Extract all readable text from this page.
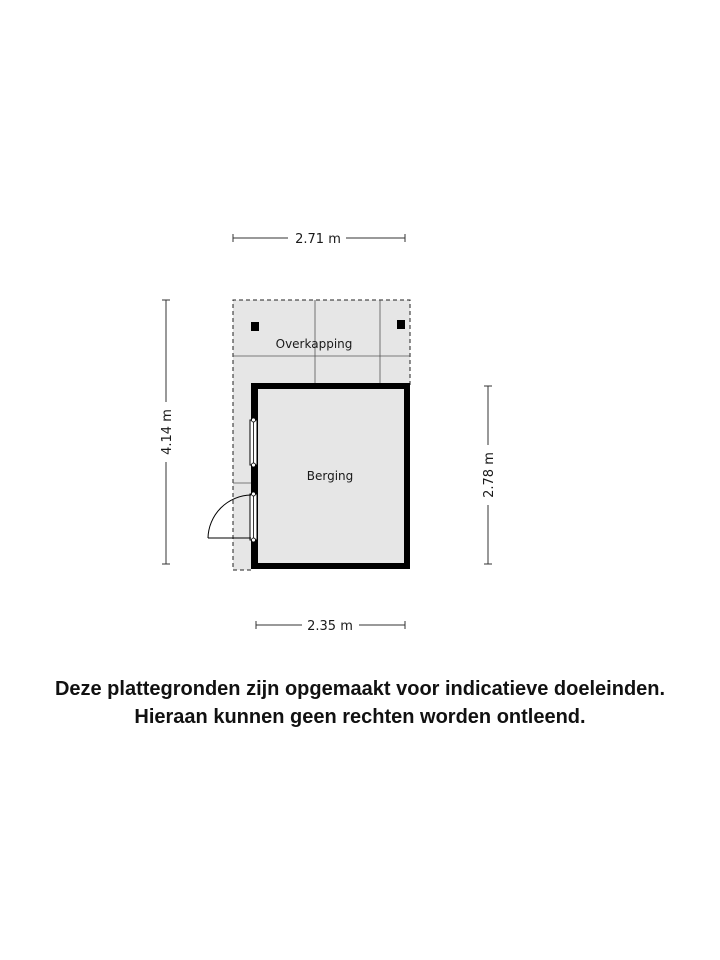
2.71 m
4.14 m
2.78 m
2.35 m
Overkapping
Berging
Deze plattegronden zijn opgemaakt voor indicatieve doeleinden.
Hieraan kunnen geen rechten worden ontleend.
